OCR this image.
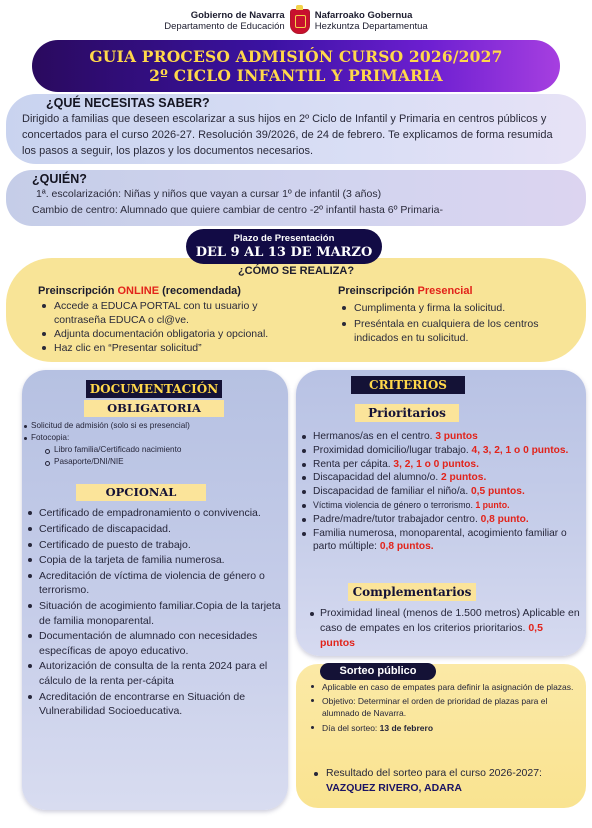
Gobierno de Navarra
Departamento de Educación
Nafarroako Gobernua
Hezkuntza Departamentua
GUIA PROCESO ADMISIÓN CURSO 2026/2027
2º CICLO INFANTIL Y PRIMARIA
¿QUÉ NECESITAS SABER?

Dirigido a familias que deseen escolarizar a sus hijos en 2º Ciclo de Infantil y Primaria en centros públicos y concertados para el curso 2026-27. Resolución 39/2026, de 24 de febrero. Te explicamos de forma resumida los pasos a seguir, los plazos y los documentos necesarios.

¿QUIÉN?

1ª. escolarización: Niñas y niños que vayan a cursar 1º de infantil (3 años)

Cambio de centro: Alumnado que quiere cambiar de centro -2º infantil hasta 6º Primaria-

¿CÓMO SE REALIZA?
Preinscripción ONLINE (recomendada)
Accede a EDUCA PORTAL con tu usuario y contraseña EDUCA o cl@ve.
Adjunta documentación obligatoria y opcional.
Haz clic en “Presentar solicitud”
Preinscripción Presencial
Cumplimenta y firma la solicitud.
Preséntala en cualquiera de los centros indicados en tu solicitud.
Plazo de Presentación
DEL 9 AL 13 DE MARZO
DOCUMENTACIÓN
OBLIGATORIA
Solicitud de admisión (solo si es presencial)
Fotocopia:
Libro familia/Certificado nacimiento
Pasaporte/DNI/NIE
OPCIONAL
Certificado de empadronamiento o convivencia.
Certificado de discapacidad.
Certificado de puesto de trabajo.
Copia de la tarjeta de familia numerosa.
Acreditación de víctima de violencia de género o terrorismo.
Situación de acogimiento familiar.Copia de la tarjeta de familia monoparental.
Documentación de alumnado con necesidades específicas de apoyo educativo.
Autorización de consulta de la renta 2024 para el cálculo de la renta per-cápita
Acreditación de encontrarse en Situación de Vulnerabilidad Socioeducativa.
CRITERIOS
Prioritarios
Hermanos/as en el centro. 3 puntos
Proximidad domicilio/lugar trabajo. 4, 3, 2, 1 o 0 puntos.
Renta per cápita. 3, 2, 1 o 0 puntos.
Discapacidad del alumno/o. 2 puntos.
Discapacidad de familiar el niño/a. 0,5 puntos.
Víctima violencia de género o terrorismo. 1 punto.
Padre/madre/tutor trabajador centro. 0,8 punto.
Familia numerosa, monoparental, acogimiento familiar o parto múltiple: 0,8 puntos.
Complementarios
Proximidad lineal (menos de 1.500 metros) Aplicable en caso de empates en los criterios prioritarios. 0,5 puntos
Sorteo público
Aplicable en caso de empates para definir la asignación de plazas.
Objetivo: Determinar el orden de prioridad de plazas para el alumnado de Navarra.
Día del sorteo: 13 de febrero
Resultado del sorteo para el curso 2026-2027: VAZQUEZ RIVERO, ADARA
